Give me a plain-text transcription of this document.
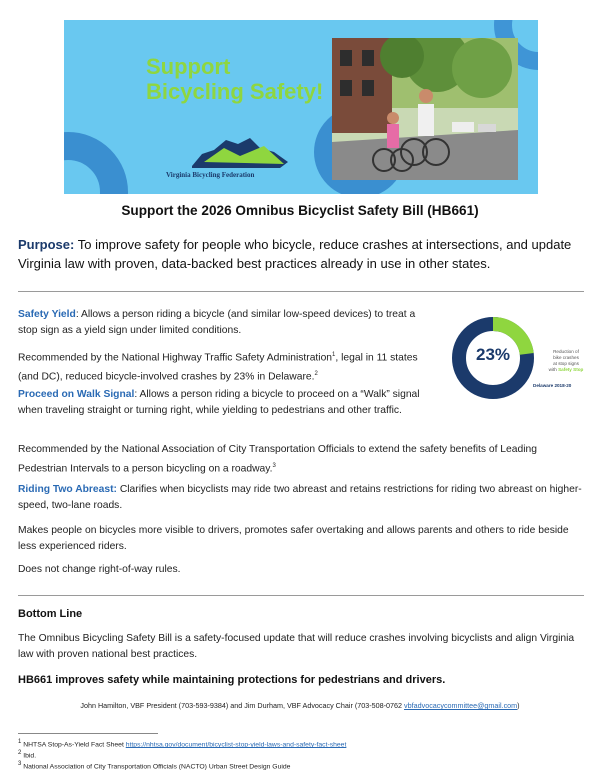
Support
Bicycling Safety!
Virginia Bicycling Federation
Support the 2026 Omnibus Bicyclist Safety Bill (HB661)
Purpose: To improve safety for people who bicycle, reduce crashes at intersections, and update Virginia law with proven, data-backed best practices already in use in other states.
Safety Yield: Allows a person riding a bicycle (and similar low-speed devices) to treat a stop sign as a yield sign under limited conditions.
Recommended by the National Highway Traffic Safety Administration$^1$, legal in 11 states (and DC), reduced bicycle-involved crashes by 23% in Delaware.$^2$
23%	Reduction of
bike crashes
at stop signs
with Safety Stop
Delaware 2018-20
Proceed on Walk Signal: Allows a person riding a bicycle to proceed on a “Walk” signal when traveling straight or turning right, while yielding to pedestrians and other traffic.
Recommended by the National Association of City Transportation Officials to extend the safety benefits of Leading Pedestrian Intervals to a person bicycling on a roadway.$^3$
Riding Two Abreast: Clarifies when bicyclists may ride two abreast and retains restrictions for riding two abreast on higher-speed, two-lane roads.
Makes people on bicycles more visible to drivers, promotes safer overtaking and allows parents and others to ride beside less experienced riders.
Does not change right-of-way rules.
Bottom Line
The Omnibus Bicycling Safety Bill is a safety-focused update that will reduce crashes involving bicyclists and align Virginia law with proven national best practices.
HB661 improves safety while maintaining protections for pedestrians and drivers.
John Hamilton, VBF President (703-593-9384) and Jim Durham, VBF Advocacy Chair (703-508-0762 vbfadvocacycommittee@gmail.com)
$^1$ NHTSA Stop-As-Yield Fact Sheet https://nhtsa.gov/document/bicyclist-stop-yield-laws-and-safety-fact-sheet
$^2$ Ibid.
$^3$ National Association of City Transportation Officials (NACTO) Urban Street Design Guide
